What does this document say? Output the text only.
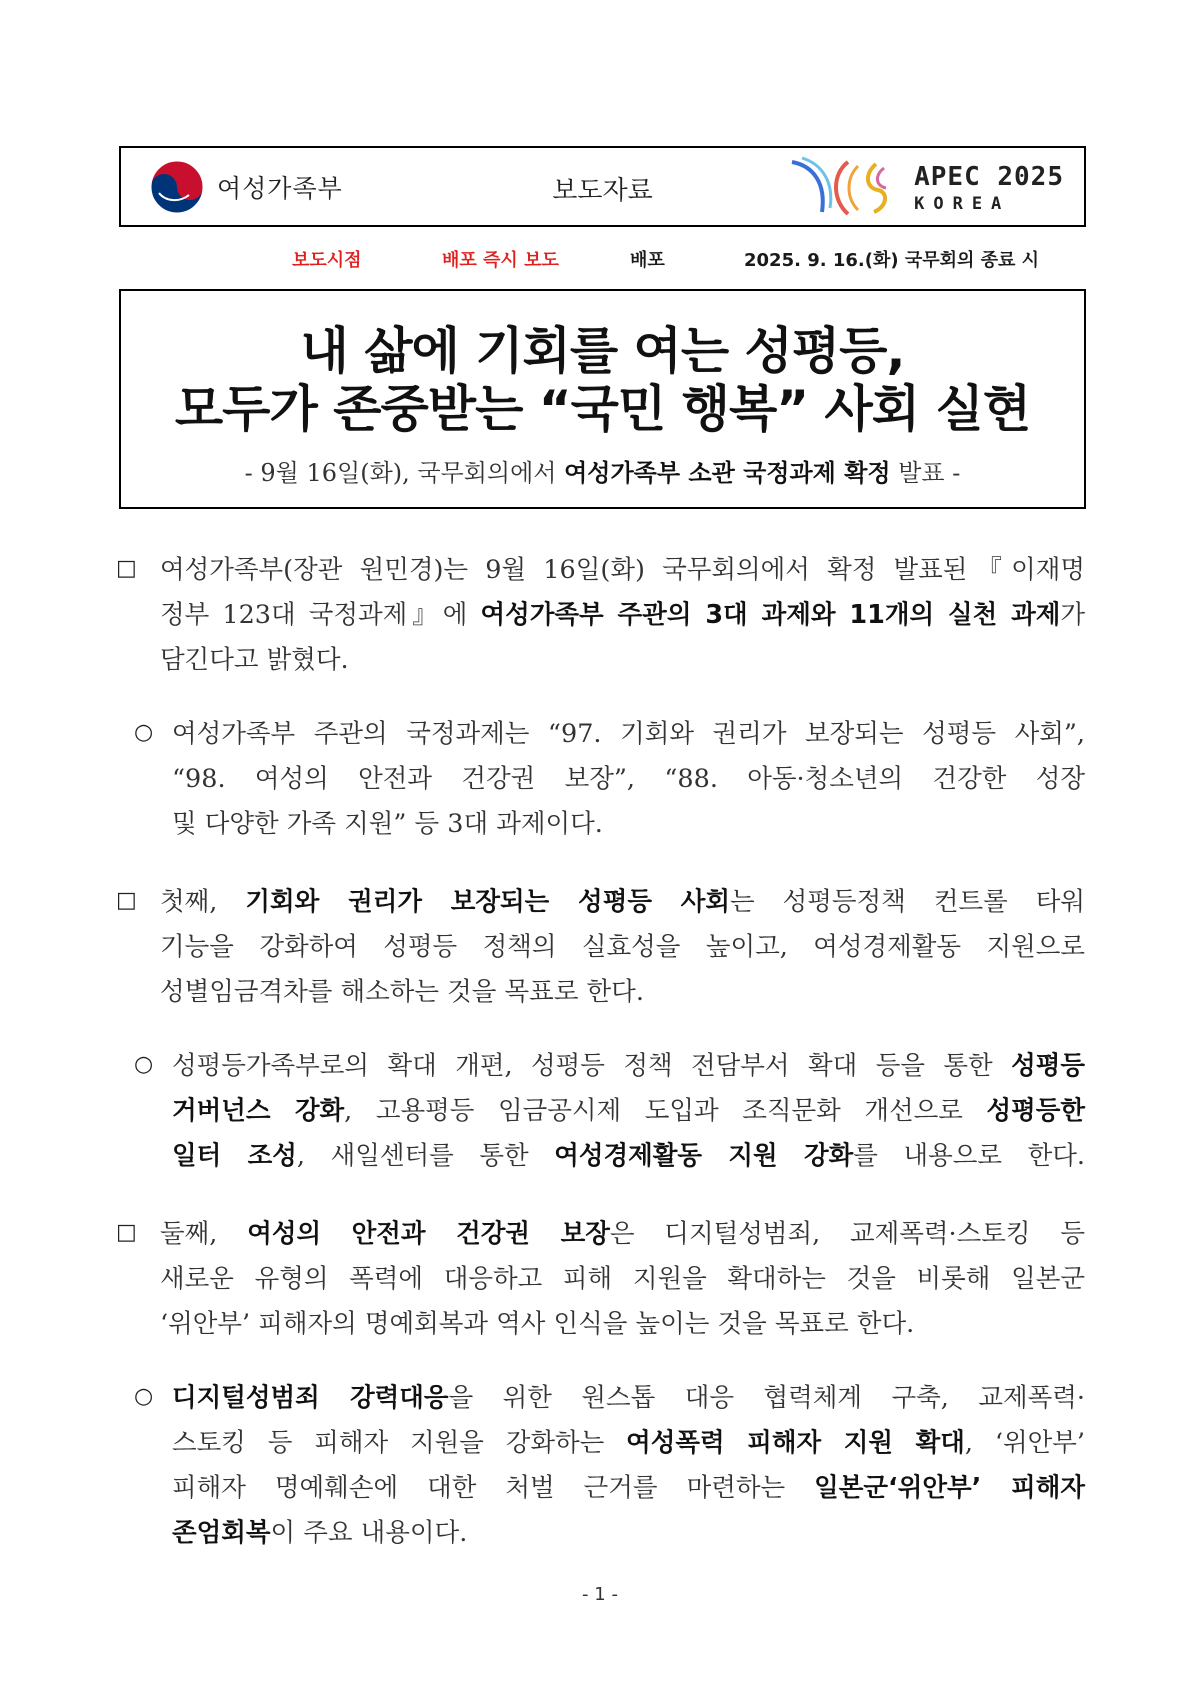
여성가족부	보도자료	APEC 2025
KOREA
보도시점	배포 즉시 보도	배포	2025. 9. 16.(화) 국무회의 종료 시
내 삶에 기회를 여는 성평등,
모두가 존중받는 “국민 행복” 사회 실현
- 9월 16일(화), 국무회의에서 여성가족부 소관 국정과제 확정 발표 -
□ 여성가족부(장관 원민경)는 9월 16일(화) 국무회의에서 확정 발표된『이재명
정부 123대 국정과제』에 여성가족부 주관의 3대 과제와 11개의 실천 과제가
담긴다고 밝혔다.
○ 여성가족부 주관의 국정과제는 “97. 기회와 권리가 보장되는 성평등 사회”,
“98. 여성의 안전과 건강권 보장”, “88. 아동·청소년의 건강한 성장
및 다양한 가족 지원” 등 3대 과제이다.
□ 첫째, 기회와 권리가 보장되는 성평등 사회는 성평등정책 컨트롤 타워
기능을 강화하여 성평등 정책의 실효성을 높이고, 여성경제활동 지원으로
성별임금격차를 해소하는 것을 목표로 한다.
○ 성평등가족부로의 확대 개편, 성평등 정책 전담부서 확대 등을 통한 성평등
거버넌스 강화, 고용평등 임금공시제 도입과 조직문화 개선으로 성평등한
일터 조성, 새일센터를 통한 여성경제활동 지원 강화를 내용으로 한다.
□ 둘째, 여성의 안전과 건강권 보장은 디지털성범죄, 교제폭력·스토킹 등
새로운 유형의 폭력에 대응하고 피해 지원을 확대하는 것을 비롯해 일본군
‘위안부’ 피해자의 명예회복과 역사 인식을 높이는 것을 목표로 한다.
○ 디지털성범죄 강력대응을 위한 원스톱 대응 협력체계 구축, 교제폭력·
스토킹 등 피해자 지원을 강화하는 여성폭력 피해자 지원 확대, ‘위안부’
피해자 명예훼손에 대한 처벌 근거를 마련하는 일본군‘위안부’ 피해자
존엄회복이 주요 내용이다.
- 1 -
